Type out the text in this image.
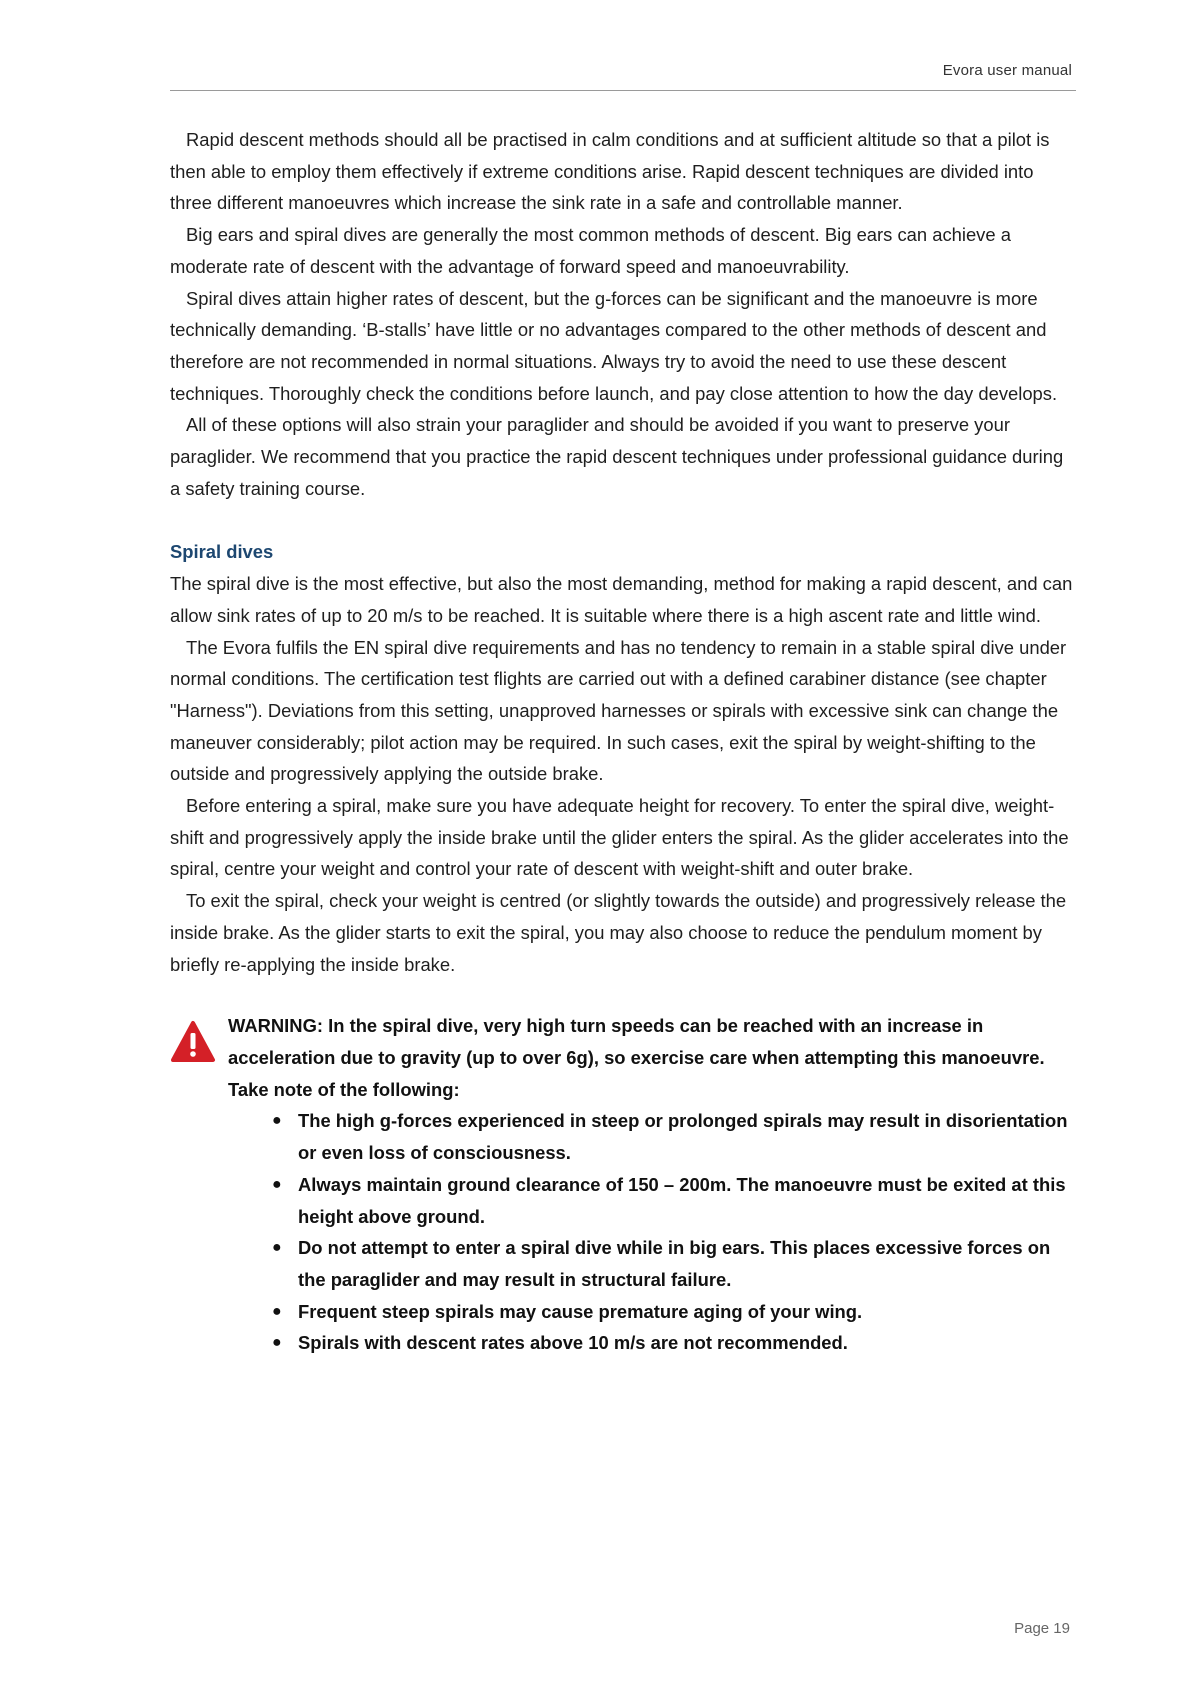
Evora user manual

Rapid descent methods should all be practised in calm conditions and at sufficient altitude so that a pilot is then able to employ them effectively if extreme conditions arise. Rapid descent techniques are divided into three different manoeuvres which increase the sink rate in a safe and controllable manner.

Big ears and spiral dives are generally the most common methods of descent. Big ears can achieve a moderate rate of descent with the advantage of forward speed and manoeuvrability.

Spiral dives attain higher rates of descent, but the g-forces can be significant and the manoeuvre is more technically demanding. ‘B-stalls’ have little or no advantages compared to the other methods of descent and therefore are not recommended in normal situations. Always try to avoid the need to use these descent techniques. Thoroughly check the conditions before launch, and pay close attention to how the day develops.

All of these options will also strain your paraglider and should be avoided if you want to preserve your paraglider. We recommend that you practice the rapid descent techniques under professional guidance during a safety training course.

Spiral dives

The spiral dive is the most effective, but also the most demanding, method for making a rapid descent, and can allow sink rates of up to 20 m/s to be reached. It is suitable where there is a high ascent rate and little wind.

The Evora fulfils the EN spiral dive requirements and has no tendency to remain in a stable spiral dive under normal conditions. The certification test flights are carried out with a defined carabiner distance (see chapter "Harness"). Deviations from this setting, unapproved harnesses or spirals with excessive sink can change the maneuver considerably; pilot action may be required. In such cases, exit the spiral by weight-shifting to the outside and progressively applying the outside brake.

Before entering a spiral, make sure you have adequate height for recovery. To enter the spiral dive, weight-shift and progressively apply the inside brake until the glider enters the spiral. As the glider accelerates into the spiral, centre your weight and control your rate of descent with weight-shift and outer brake.

To exit the spiral, check your weight is centred (or slightly towards the outside) and progressively release the inside brake. As the glider starts to exit the spiral, you may also choose to reduce the pendulum moment by briefly re-applying the inside brake.

WARNING: In the spiral dive, very high turn speeds can be reached with an increase in acceleration due to gravity (up to over 6g), so exercise care when attempting this manoeuvre. Take note of the following:

● The high g-forces experienced in steep or prolonged spirals may result in disorientation or even loss of consciousness.
● Always maintain ground clearance of 150 – 200m. The manoeuvre must be exited at this height above ground.
● Do not attempt to enter a spiral dive while in big ears. This places excessive forces on the paraglider and may result in structural failure.
● Frequent steep spirals may cause premature aging of your wing.
● Spirals with descent rates above 10 m/s are not recommended.
Page 19
